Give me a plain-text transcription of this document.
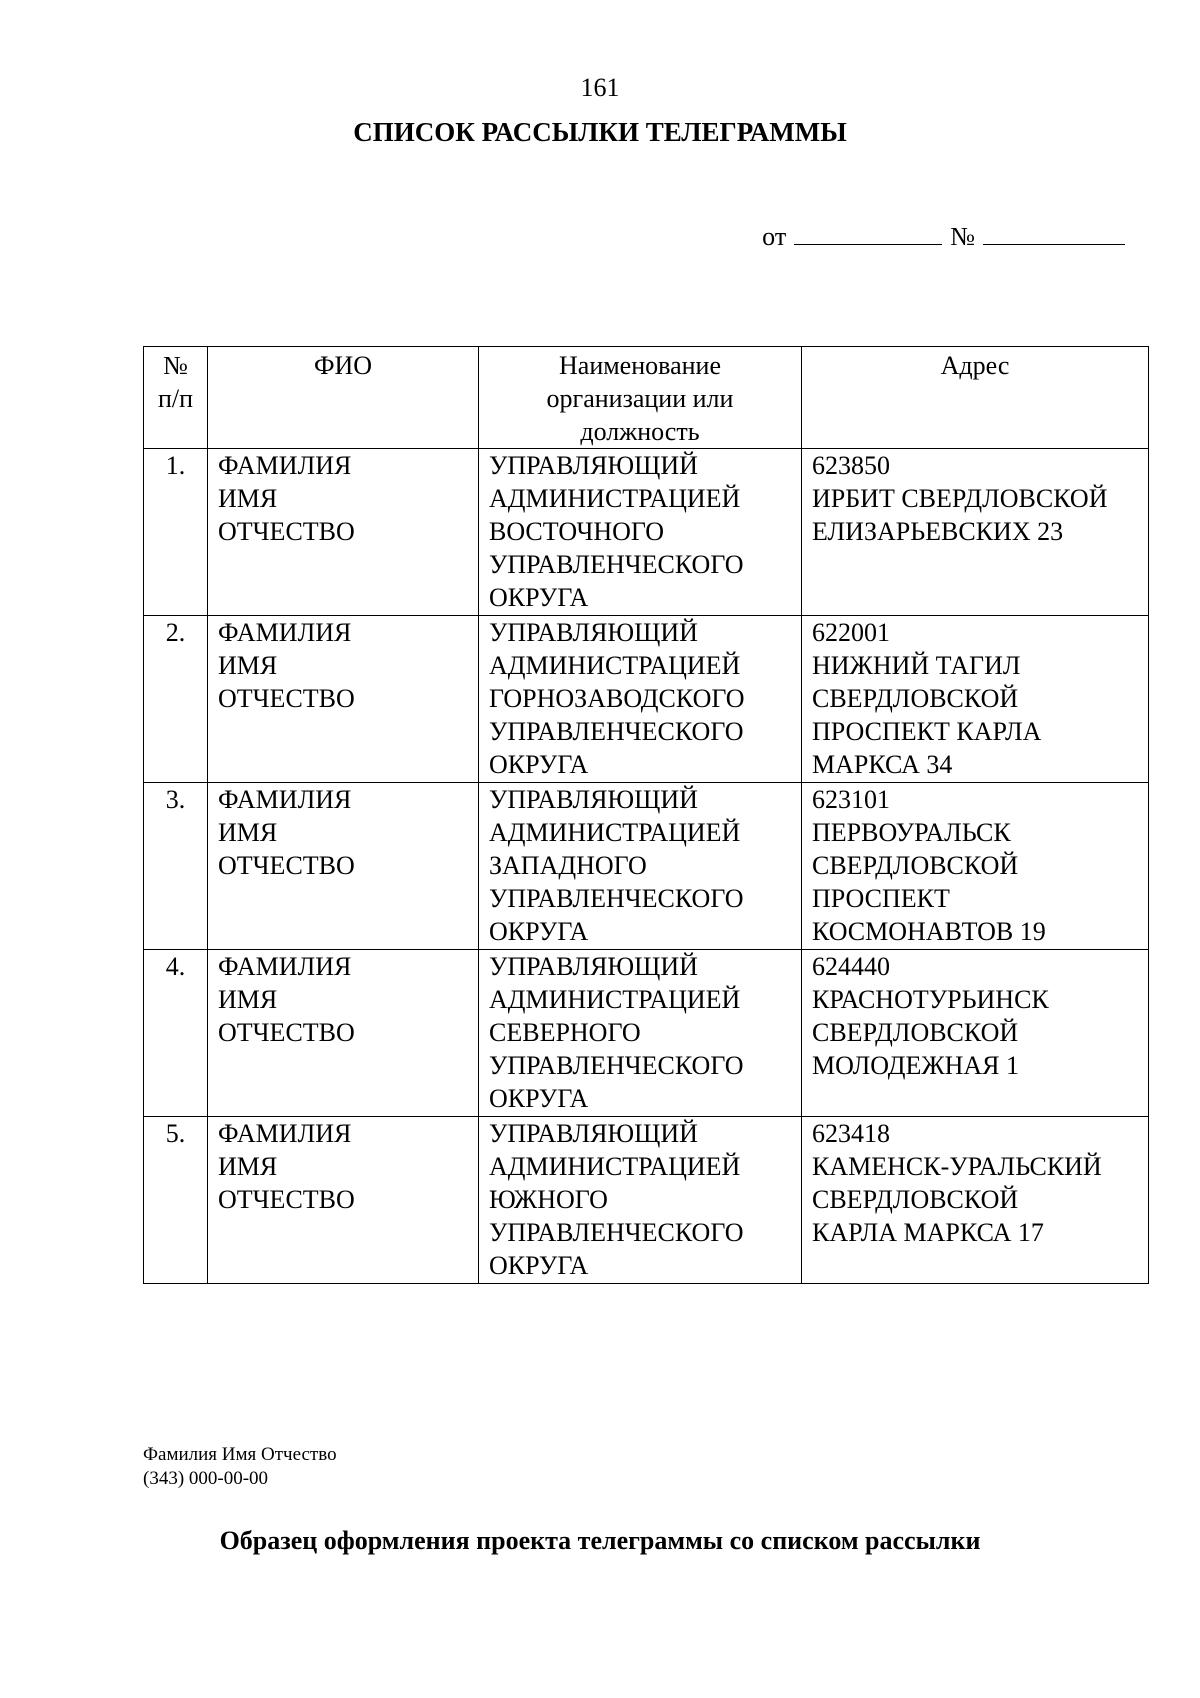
161
СПИСОК РАССЫЛКИ ТЕЛЕГРАММЫ
от	№
№
п/п	ФИО	Наименование
организации или
должность	Адрес

1.	ФАМИЛИЯ
ИМЯ
ОТЧЕСТВО	УПРАВЛЯЮЩИЙ
АДМИНИСТРАЦИЕЙ
ВОСТОЧНОГО
УПРАВЛЕНЧЕСКОГО
ОКРУГА	623850
ИРБИТ СВЕРДЛОВСКОЙ
ЕЛИЗАРЬЕВСКИХ 23

2.	ФАМИЛИЯ
ИМЯ
ОТЧЕСТВО	УПРАВЛЯЮЩИЙ
АДМИНИСТРАЦИЕЙ
ГОРНОЗАВОДСКОГО
УПРАВЛЕНЧЕСКОГО
ОКРУГА	622001
НИЖНИЙ ТАГИЛ
СВЕРДЛОВСКОЙ
ПРОСПЕКТ КАРЛА
МАРКСА 34

3.	ФАМИЛИЯ
ИМЯ
ОТЧЕСТВО	УПРАВЛЯЮЩИЙ
АДМИНИСТРАЦИЕЙ
ЗАПАДНОГО
УПРАВЛЕНЧЕСКОГО
ОКРУГА	623101
ПЕРВОУРАЛЬСК
СВЕРДЛОВСКОЙ
ПРОСПЕКТ
КОСМОНАВТОВ 19

4.	ФАМИЛИЯ
ИМЯ
ОТЧЕСТВО	УПРАВЛЯЮЩИЙ
АДМИНИСТРАЦИЕЙ
СЕВЕРНОГО
УПРАВЛЕНЧЕСКОГО
ОКРУГА	624440
КРАСНОТУРЬИНСК
СВЕРДЛОВСКОЙ
МОЛОДЕЖНАЯ 1

5.	ФАМИЛИЯ
ИМЯ
ОТЧЕСТВО	УПРАВЛЯЮЩИЙ
АДМИНИСТРАЦИЕЙ
ЮЖНОГО
УПРАВЛЕНЧЕСКОГО
ОКРУГА	623418
КАМЕНСК-УРАЛЬСКИЙ
СВЕРДЛОВСКОЙ
КАРЛА МАРКСА 17
Фамилия Имя Отчество
(343) 000-00-00
Образец оформления проекта телеграммы со списком рассылки
